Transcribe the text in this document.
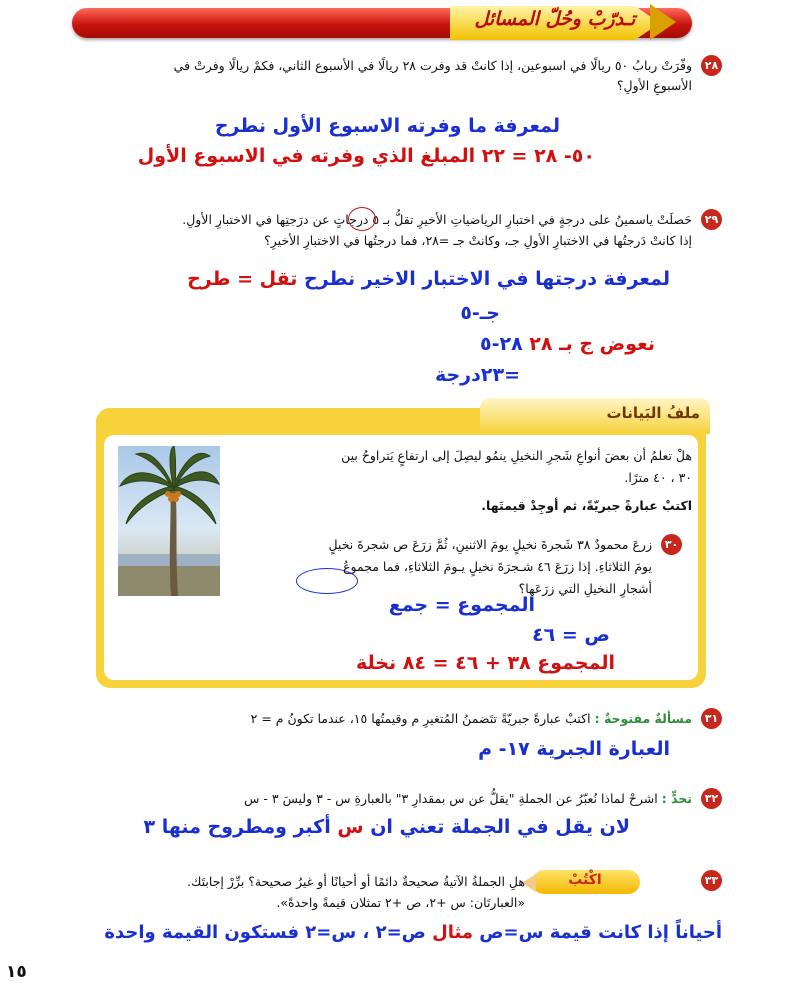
تـدرّبْ وحُلّ المسائل
٢٨
وفّرَتْ ربابُ ٥٠ ريالًا في اسبوعين، إذا كانتْ قد وفرت ٢٨ ريالًا في الأسبوع الثاني، فكمْ ريالًا وفرتْ في
الأسبوعِ الأولِ؟
لمعرفة ما وفرته الاسبوع الأول نطرح
٥٠- ٢٨ = ٢٢ المبلغ الذي وفرته في الاسبوع الأول
٢٩
حَصلَتْ ياسمينُ على درجةٍ في اختبارِ الرياضياتِ الأخيرِ تقلُّ بـ ٥ درجاتٍ عن درَجتِها في الاختبارِ الأولِ.
إذا كانتْ دَرجتُها في الاختبارِ الأولِ جـ، وكانتْ جـ =٢٨، فما درجتُها في الاختبارِ الأخيرِ؟
لمعرفة درجتها في الاختبار الاخير نطرح تقل = طرح
جـ-٥
نعوض ج بـ ٢٨ ٢٨-٥
=٢٣درجة
ملفُ البَيانات
هلْ تعلمُ أن بعضَ أنواعِ شَجرِ النخيلِ ينمُو ليصِلَ إلى ارتفاعٍ يَتراوحُ بين
٣٠ ، ٤٠ مترًا.
اكتبْ عبارةً جبريّةً، ثم أوجِدْ قيمتَها.
٣٠
زرعَ محمودٌ ٣٨ شَجرةَ نخيلٍ يومَ الاثنينِ، ثُمَّ زرَعَ ص شجرةَ نخيلٍ
يومَ الثلاثاءِ. إذا زرَعَ ٤٦ شـجرَةَ نخيلٍ يـومَ الثلاثاءِ، فما مجموعُ
أشجارِ النخيلِ التي زرَعَها؟
المجموع = جمع
ص = ٤٦
المجموع ٣٨ + ٤٦ = ٨٤ نخلة
٣١
مسألةٌ مفتوحةٌ : اكتبْ عبارةً جبريّةً تتَضمنُ المُتغيرِ م وقيمتُها ١٥، عندما تكونُ م = ٢
العبارة الجبرية ١٧- م
٣٢
تحدٍّ : اشرحْ لماذا نُعبّرُ عن الجملةِ "يقلُّ عن س بمقدارِ ٣" بالعبارةِ س - ٣ وليسَ ٣ - س
لان يقل في الجملة تعني ان س أكبر ومطروح منها ٣
٣٣
اكْتُبْ
هلِ الجملةُ الآتيةُ صحيحةٌ دائمًا أو أحيانًا أو غيرُ صحيحة؟ برِّرْ إجابتَك.
«العبارتَان: س +٢، ص +٢ تمثلان قيمةً واحدةً».
أحياناً إذا كانت قيمة س=ص مثال ص=٢ ، س=٢ فستكون القيمة واحدة
١٥
